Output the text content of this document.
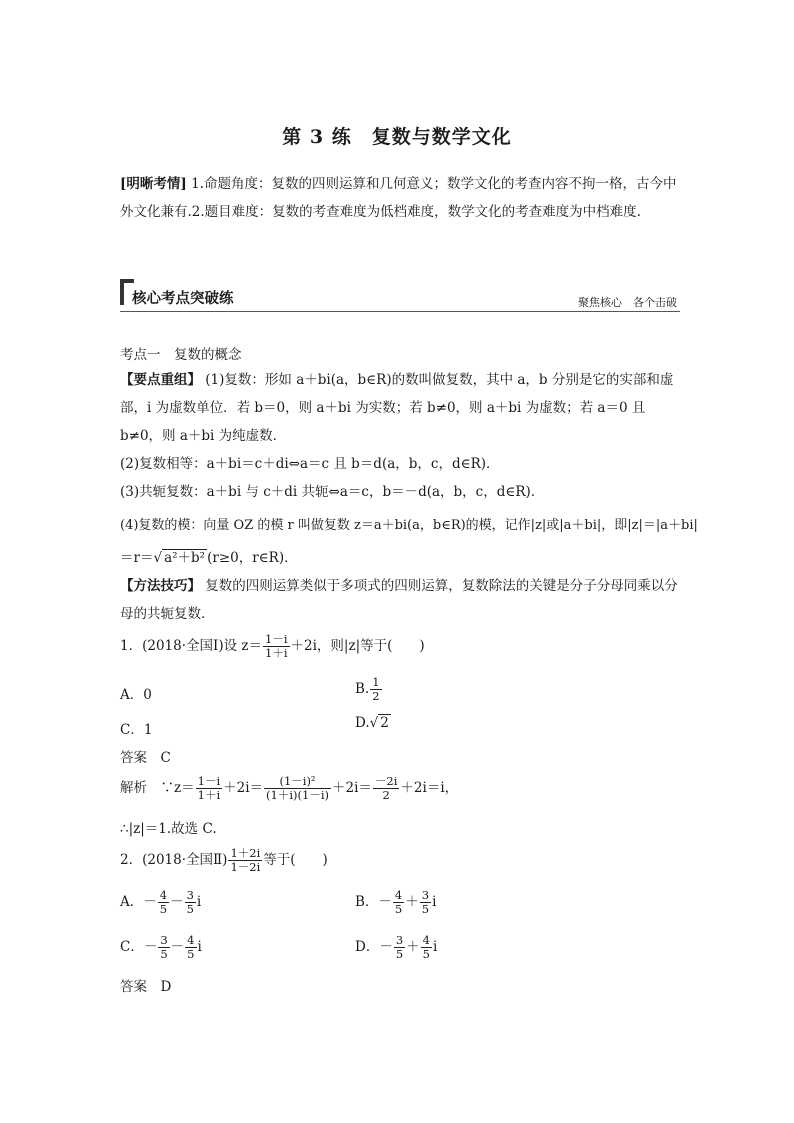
第 3 练　复数与数学文化
[明晰考情] 1.命题角度：复数的四则运算和几何意义；数学文化的考查内容不拘一格，古今中外文化兼有.2.题目难度：复数的考查难度为低档难度，数学文化的考查难度为中档难度.
核心考点突破练	聚焦核心　各个击破
考点一　复数的概念
【要点重组】 (1)复数：形如 a＋bi(a，b∈R)的数叫做复数，其中 a，b 分别是它的实部和虚部，i 为虚数单位．若 b＝0，则 a＋bi 为实数；若 b≠0，则 a＋bi 为虚数；若 a＝0 且 b≠0，则 a＋bi 为纯虚数．
(2)复数相等：a＋bi＝c＋di⇔a＝c 且 b＝d(a，b，c，d∈R)．
(3)共轭复数：a＋bi 与 c＋di 共轭⇔a＝c，b＝－d(a，b，c，d∈R)．
(4)复数的模：向量 OZ 的模 r 叫做复数 z＝a＋bi(a，b∈R)的模，记作|z|或|a＋bi|，即|z|＝|a＋bi|
＝r＝√ a²＋b² (r≥0，r∈R)．
【方法技巧】 复数的四则运算类似于多项式的四则运算，复数除法的关键是分子分母同乘以分母的共轭复数．
1．(2018·全国Ⅰ)设 $z= \frac{1-i}{1+i} +2i$，则|z|等于(　　)
A．0	B. $\frac{1}{2}$
C．1	D.√ 2
答案　C
解析　∵z＝ $\frac{1-i}{1+i} +2i= \frac{\text{(1－i)²}}{(1+i)(1-i)} +2i= \frac{-2i}{2} +2i=i$，
∴|z|＝1.故选 C.
2．(2018·全国Ⅱ) $\frac{1+2i}{1-2i}$ 等于(　　)
A．－ $\frac{4}{5} - \frac{3}{5}$ i	B．－ $\frac{4}{5} + \frac{3}{5}$ i
C．－ $\frac{3}{5} - \frac{4}{5}$ i	D．－ $\frac{3}{5} + \frac{4}{5}$ i
答案　D
